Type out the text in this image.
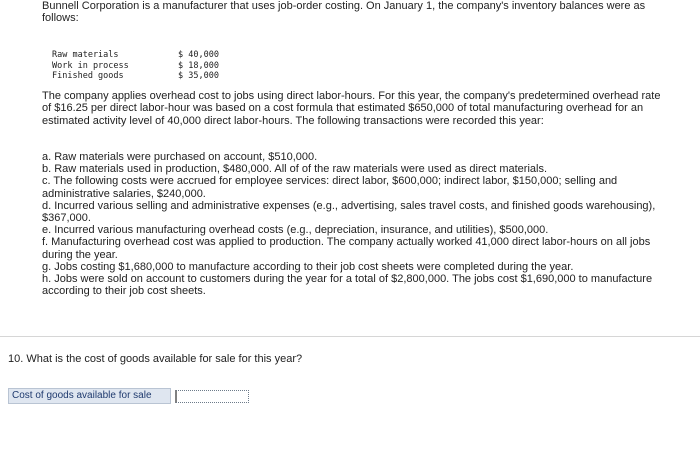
Bunnell Corporation is a manufacturer that uses job-order costing. On January 1, the company's inventory balances were as follows:
Raw materials	$ 40,000
Work in process	$ 18,000
Finished goods	$ 35,000
The company applies overhead cost to jobs using direct labor-hours. For this year, the company's predetermined overhead rate of $16.25 per direct labor-hour was based on a cost formula that estimated $650,000 of total manufacturing overhead for an estimated activity level of 40,000 direct labor-hours. The following transactions were recorded this year:

a. Raw materials were purchased on account, $510,000.

b. Raw materials used in production, $480,000. All of of the raw materials were used as direct materials.

c. The following costs were accrued for employee services: direct labor, $600,000; indirect labor, $150,000; selling and administrative salaries, $240,000.

d. Incurred various selling and administrative expenses (e.g., advertising, sales travel costs, and finished goods warehousing), $367,000.

e. Incurred various manufacturing overhead costs (e.g., depreciation, insurance, and utilities), $500,000.

f. Manufacturing overhead cost was applied to production. The company actually worked 41,000 direct labor-hours on all jobs during the year.

g. Jobs costing $1,680,000 to manufacture according to their job cost sheets were completed during the year.

h. Jobs were sold on account to customers during the year for a total of $2,800,000. The jobs cost $1,690,000 to manufacture according to their job cost sheets.

10. What is the cost of goods available for sale for this year?
Cost of goods available for sale
